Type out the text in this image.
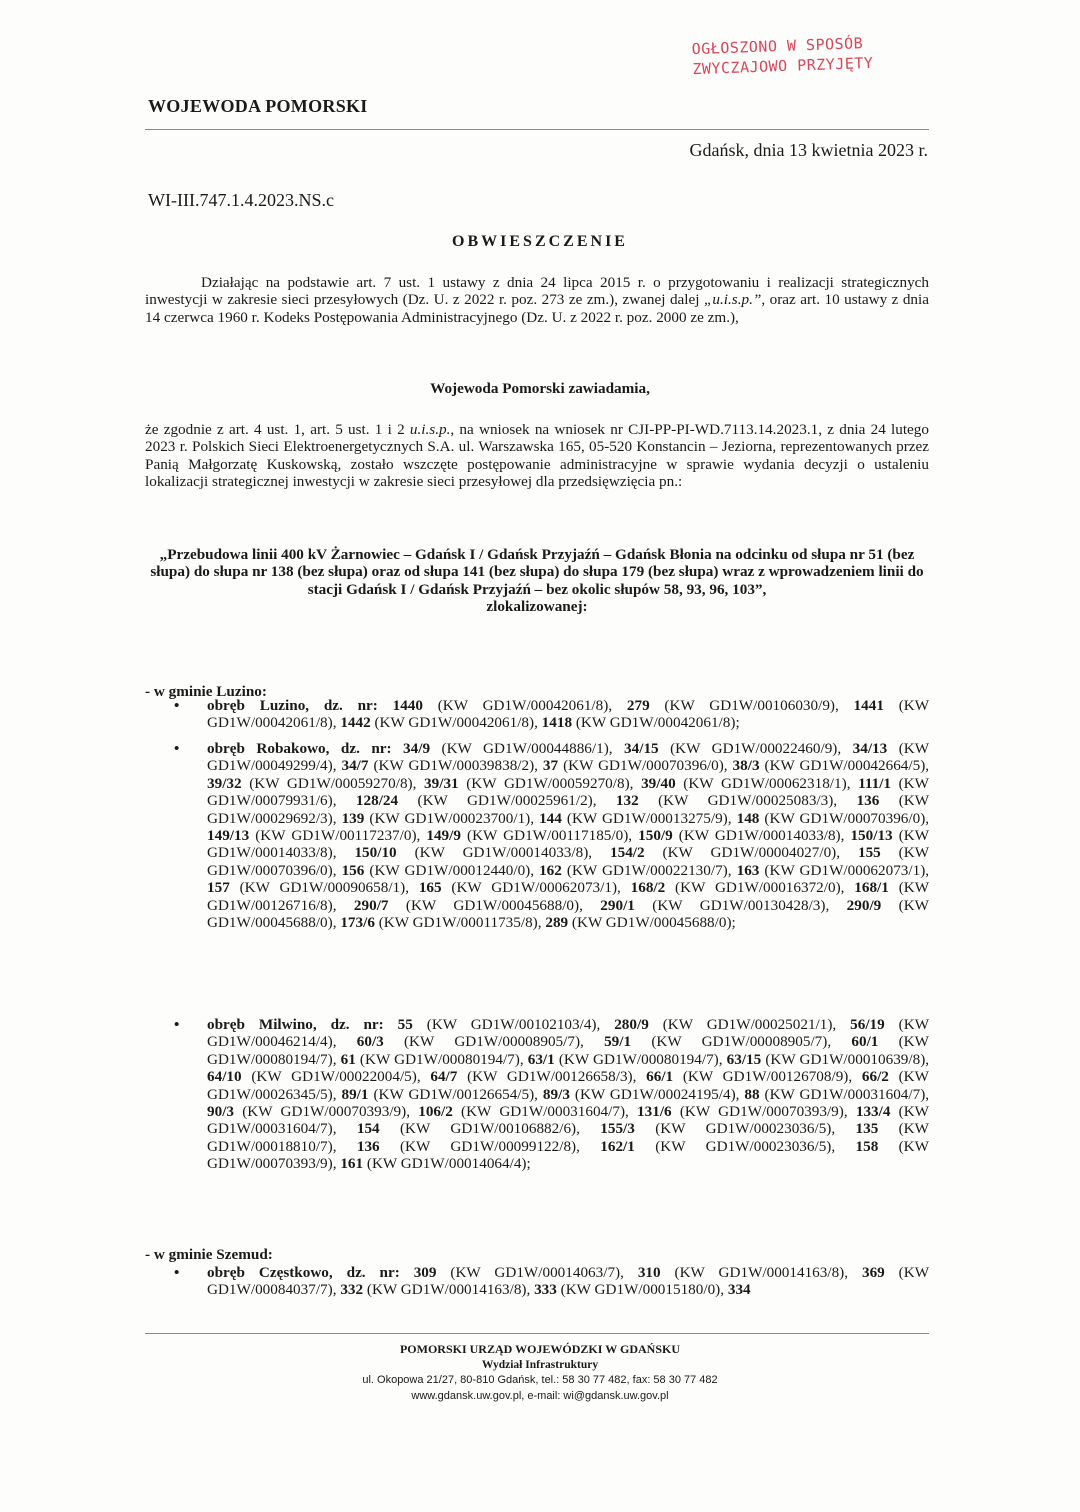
OGŁOSZONO W SPOSÓB
ZWYCZAJOWO PRZYJĘTY
WOJEWODA POMORSKI
Gdańsk, dnia 13 kwietnia 2023 r.
WI-III.747.1.4.2023.NS.c
OBWIESZCZENIE
Działając na podstawie art. 7 ust. 1 ustawy z dnia 24 lipca 2015 r. o przygotowaniu i realizacji strategicznych inwestycji w zakresie sieci przesyłowych (Dz. U. z 2022 r. poz. 273 ze zm.), zwanej dalej „u.i.s.p.”, oraz art. 10 ustawy z dnia 14 czerwca 1960 r. Kodeks Postępowania Administracyjnego (Dz. U. z 2022 r. poz. 2000 ze zm.),
Wojewoda Pomorski zawiadamia,
że zgodnie z art. 4 ust. 1, art. 5 ust. 1 i 2 u.i.s.p., na wniosek na wniosek nr CJI-PP-PI-WD.7113.14.2023.1, z dnia 24 lutego 2023 r. Polskich Sieci Elektroenergetycznych S.A. ul. Warszawska 165, 05-520 Konstancin – Jeziorna, reprezentowanych przez Panią Małgorzatę Kuskowską, zostało wszczęte postępowanie administracyjne w sprawie wydania decyzji o ustaleniu lokalizacji strategicznej inwestycji w zakresie sieci przesyłowej dla przedsięwzięcia pn.:
„Przebudowa linii 400 kV Żarnowiec – Gdańsk I / Gdańsk Przyjaźń – Gdańsk Błonia na odcinku od słupa nr 51 (bez słupa) do słupa nr 138 (bez słupa) oraz od słupa 141 (bez słupa) do słupa 179 (bez słupa) wraz z wprowadzeniem linii do stacji Gdańsk I / Gdańsk Przyjaźń – bez okolic słupów 58, 93, 96, 103”,
zlokalizowanej:
- w gminie Luzino:
• obręb Luzino, dz. nr: 1440 (KW GD1W/00042061/8), 279 (KW GD1W/00106030/9), 1441 (KW GD1W/00042061/8), 1442 (KW GD1W/00042061/8), 1418 (KW GD1W/00042061/8);
• obręb Robakowo, dz. nr: 34/9 (KW GD1W/00044886/1), 34/15 (KW GD1W/00022460/9), 34/13 (KW GD1W/00049299/4), 34/7 (KW GD1W/00039838/2), 37 (KW GD1W/00070396/0), 38/3 (KW GD1W/00042664/5), 39/32 (KW GD1W/00059270/8), 39/31 (KW GD1W/00059270/8), 39/40 (KW GD1W/00062318/1), 111/1 (KW GD1W/00079931/6), 128/24 (KW GD1W/00025961/2), 132 (KW GD1W/00025083/3), 136 (KW GD1W/00029692/3), 139 (KW GD1W/00023700/1), 144 (KW GD1W/00013275/9), 148 (KW GD1W/00070396/0), 149/13 (KW GD1W/00117237/0), 149/9 (KW GD1W/00117185/0), 150/9 (KW GD1W/00014033/8), 150/13 (KW GD1W/00014033/8), 150/10 (KW GD1W/00014033/8), 154/2 (KW GD1W/00004027/0), 155 (KW GD1W/00070396/0), 156 (KW GD1W/00012440/0), 162 (KW GD1W/00022130/7), 163 (KW GD1W/00062073/1), 157 (KW GD1W/00090658/1), 165 (KW GD1W/00062073/1), 168/2 (KW GD1W/00016372/0), 168/1 (KW GD1W/00126716/8), 290/7 (KW GD1W/00045688/0), 290/1 (KW GD1W/00130428/3), 290/9 (KW GD1W/00045688/0), 173/6 (KW GD1W/00011735/8), 289 (KW GD1W/00045688/0);
• obręb Milwino, dz. nr: 55 (KW GD1W/00102103/4), 280/9 (KW GD1W/00025021/1), 56/19 (KW GD1W/00046214/4), 60/3 (KW GD1W/00008905/7), 59/1 (KW GD1W/00008905/7), 60/1 (KW GD1W/00080194/7), 61 (KW GD1W/00080194/7), 63/1 (KW GD1W/00080194/7), 63/15 (KW GD1W/00010639/8), 64/10 (KW GD1W/00022004/5), 64/7 (KW GD1W/00126658/3), 66/1 (KW GD1W/00126708/9), 66/2 (KW GD1W/00026345/5), 89/1 (KW GD1W/00126654/5), 89/3 (KW GD1W/00024195/4), 88 (KW GD1W/00031604/7), 90/3 (KW GD1W/00070393/9), 106/2 (KW GD1W/00031604/7), 131/6 (KW GD1W/00070393/9), 133/4 (KW GD1W/00031604/7), 154 (KW GD1W/00106882/6), 155/3 (KW GD1W/00023036/5), 135 (KW GD1W/00018810/7), 136 (KW GD1W/00099122/8), 162/1 (KW GD1W/00023036/5), 158 (KW GD1W/00070393/9), 161 (KW GD1W/00014064/4);
- w gminie Szemud:
• obręb Częstkowo, dz. nr: 309 (KW GD1W/00014063/7), 310 (KW GD1W/00014163/8), 369 (KW GD1W/00084037/7), 332 (KW GD1W/00014163/8), 333 (KW GD1W/00015180/0), 334
POMORSKI URZĄD WOJEWÓDZKI W GDAŃSKU
Wydział Infrastruktury
ul. Okopowa 21/27, 80-810 Gdańsk, tel.: 58 30 77 482, fax: 58 30 77 482
www.gdansk.uw.gov.pl, e-mail: wi@gdansk.uw.gov.pl
